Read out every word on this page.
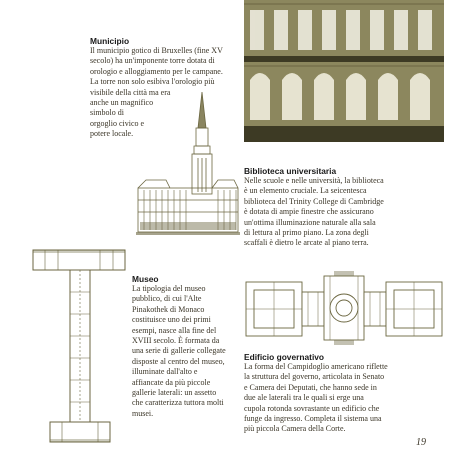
Municipio

Il municipio gotico di Bruxelles (fine XV
secolo) ha un'imponente torre dotata di
orologio e alloggiamento per le campane.
La torre non solo esibiva l'orologio più
visibile della città ma era
anche un magnifico
simbolo di
orgoglio civico e
potere locale.

Biblioteca universitaria

Nelle scuole e nelle università, la biblioteca
è un elemento cruciale. La seicentesca
biblioteca del Trinity College di Cambridge
è dotata di ampie finestre che assicurano
un'ottima illuminazione naturale alla sala
di lettura al primo piano. La zona degli
scaffali è dietro le arcate al piano terra.

Museo

La tipologia del museo
pubblico, di cui l'Alte
Pinakothek di Monaco
costituisce uno dei primi
esempi, nasce alla fine del
XVIII secolo. È formata da
una serie di gallerie collegate
disposte al centro del museo,
illuminate dall'alto e
affiancate da più piccole
gallerie laterali: un assetto
che caratterizza tuttora molti
musei.

Edificio governativo

La forma del Campidoglio americano riflette
la struttura del governo, articolata in Senato
e Camera dei Deputati, che hanno sede in
due ale laterali tra le quali si erge una
cupola rotonda sovrastante un edificio che
funge da ingresso. Completa il sistema una
più piccola Camera della Corte.

19
